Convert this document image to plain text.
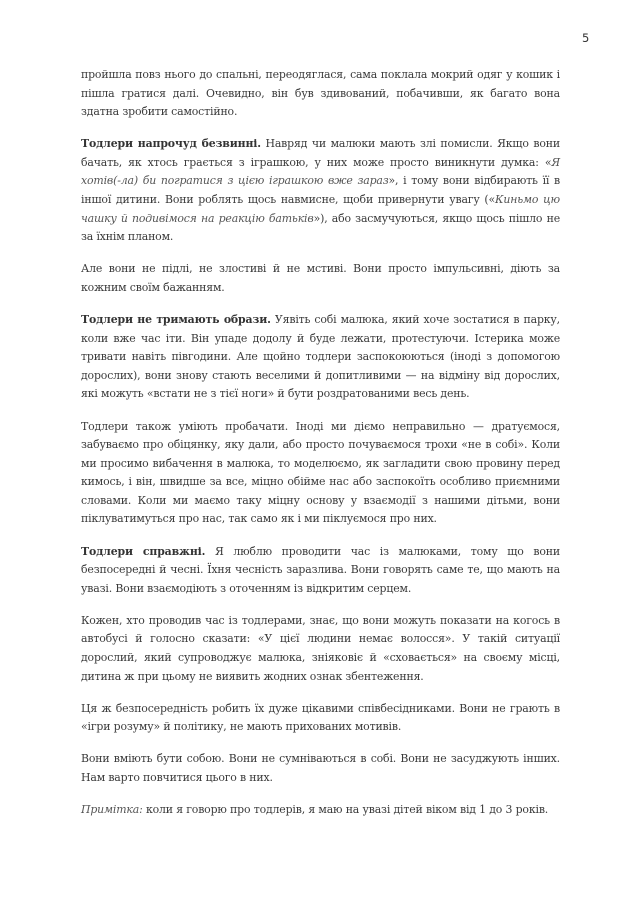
5

пройшла повз нього до спальні, переодяглася, сама поклала мокрий одяг у кошик і пішла гратися далі. Очевидно, він був здивований, побачивши, як багато вона здатна зробити самостійно.

Тодлери напрочуд безвинні. Навряд чи малюки мають злі помисли. Якщо вони бачать, як хтось грається з іграшкою, у них може просто виникнути думка: «Я хотів(-ла) би погратися з цією іграшкою вже зараз», і тому вони відбирають її в іншої дитини. Вони роблять щось навмисне, щоби привернути увагу («Киньмо цю чашку й подивімося на реакцію батьків»), або засмучуються, якщо щось пішло не за їхнім планом.

Але вони не підлі, не злостиві й не мстиві. Вони просто імпульсивні, діють за кожним своїм бажанням.

Тодлери не тримають образи. Уявіть собі малюка, який хоче зостатися в парку, коли вже час іти. Він упаде додолу й буде лежати, протестуючи. Істерика може тривати навіть півгодини. Але щойно тодлери заспокоюються (іноді з допомогою дорослих), вони знову стають веселими й допитливими — на відміну від дорослих, які можуть «встати не з тієї ноги» й бути роздратованими весь день.

Тодлери також уміють пробачати. Іноді ми діємо неправильно — дратуємося, забуваємо про обіцянку, яку дали, або просто почуваємося трохи «не в собі». Коли ми просимо вибачення в малюка, то моделюємо, як загладити свою провину перед кимось, і він, швидше за все, міцно обійме нас або заспокоїть особливо приємними словами. Коли ми маємо таку міцну основу у взаємодії з нашими дітьми, вони піклуватимуться про нас, так само як і ми піклуємося про них.

Тодлери справжні. Я люблю проводити час із малюками, тому що вони безпосередні й чесні. Їхня чесність заразлива. Вони говорять саме те, що мають на увазі. Вони взаємодіють з оточенням із відкритим серцем.

Кожен, хто проводив час із тодлерами, знає, що вони можуть показати на когось в автобусі й голосно сказати: «У цієї людини немає волосся». У такій ситуації дорослий, який супроводжує малюка, зніяковіє й «сховається» на своєму місці, дитина ж при цьому не виявить жодних ознак збентеження.

Ця ж безпосередність робить їх дуже цікавими співбесідниками. Вони не грають в «ігри розуму» й політику, не мають прихованих мотивів.

Вони вміють бути собою. Вони не сумніваються в собі. Вони не засуджують інших. Нам варто повчитися цього в них.

Примітка: коли я говорю про тодлерів, я маю на увазі дітей віком від 1 до 3 років.
